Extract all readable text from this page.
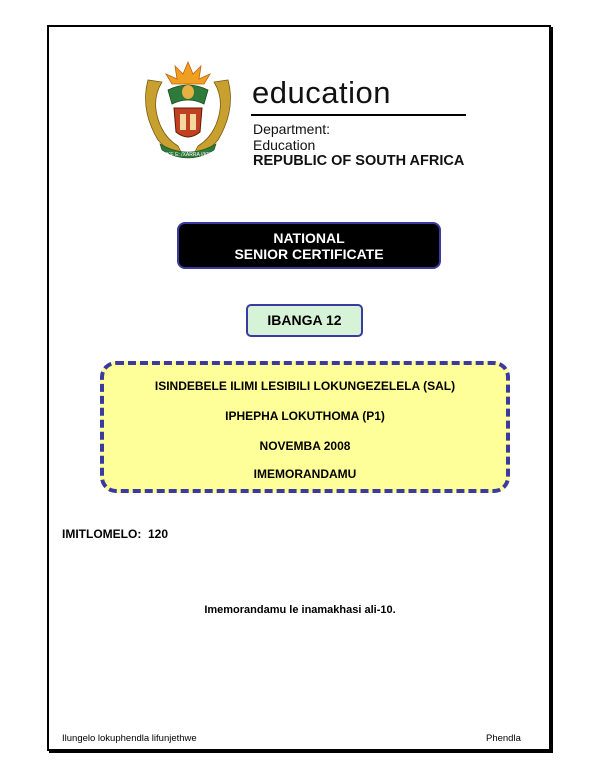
!KE E: /XARRA //KE
education
Department:
Education
REPUBLIC OF SOUTH AFRICA
NATIONAL
SENIOR CERTIFICATE
IBANGA 12
ISINDEBELE ILIMI LESIBILI LOKUNGEZELELA (SAL)
IPHEPHA LOKUTHOMA (P1)
NOVEMBA 2008
IMEMORANDAMU
IMITLOMELO: 120
Imemorandamu le inamakhasi ali-10.
Ilungelo lokuphendla lifunjethwe	Phendla
